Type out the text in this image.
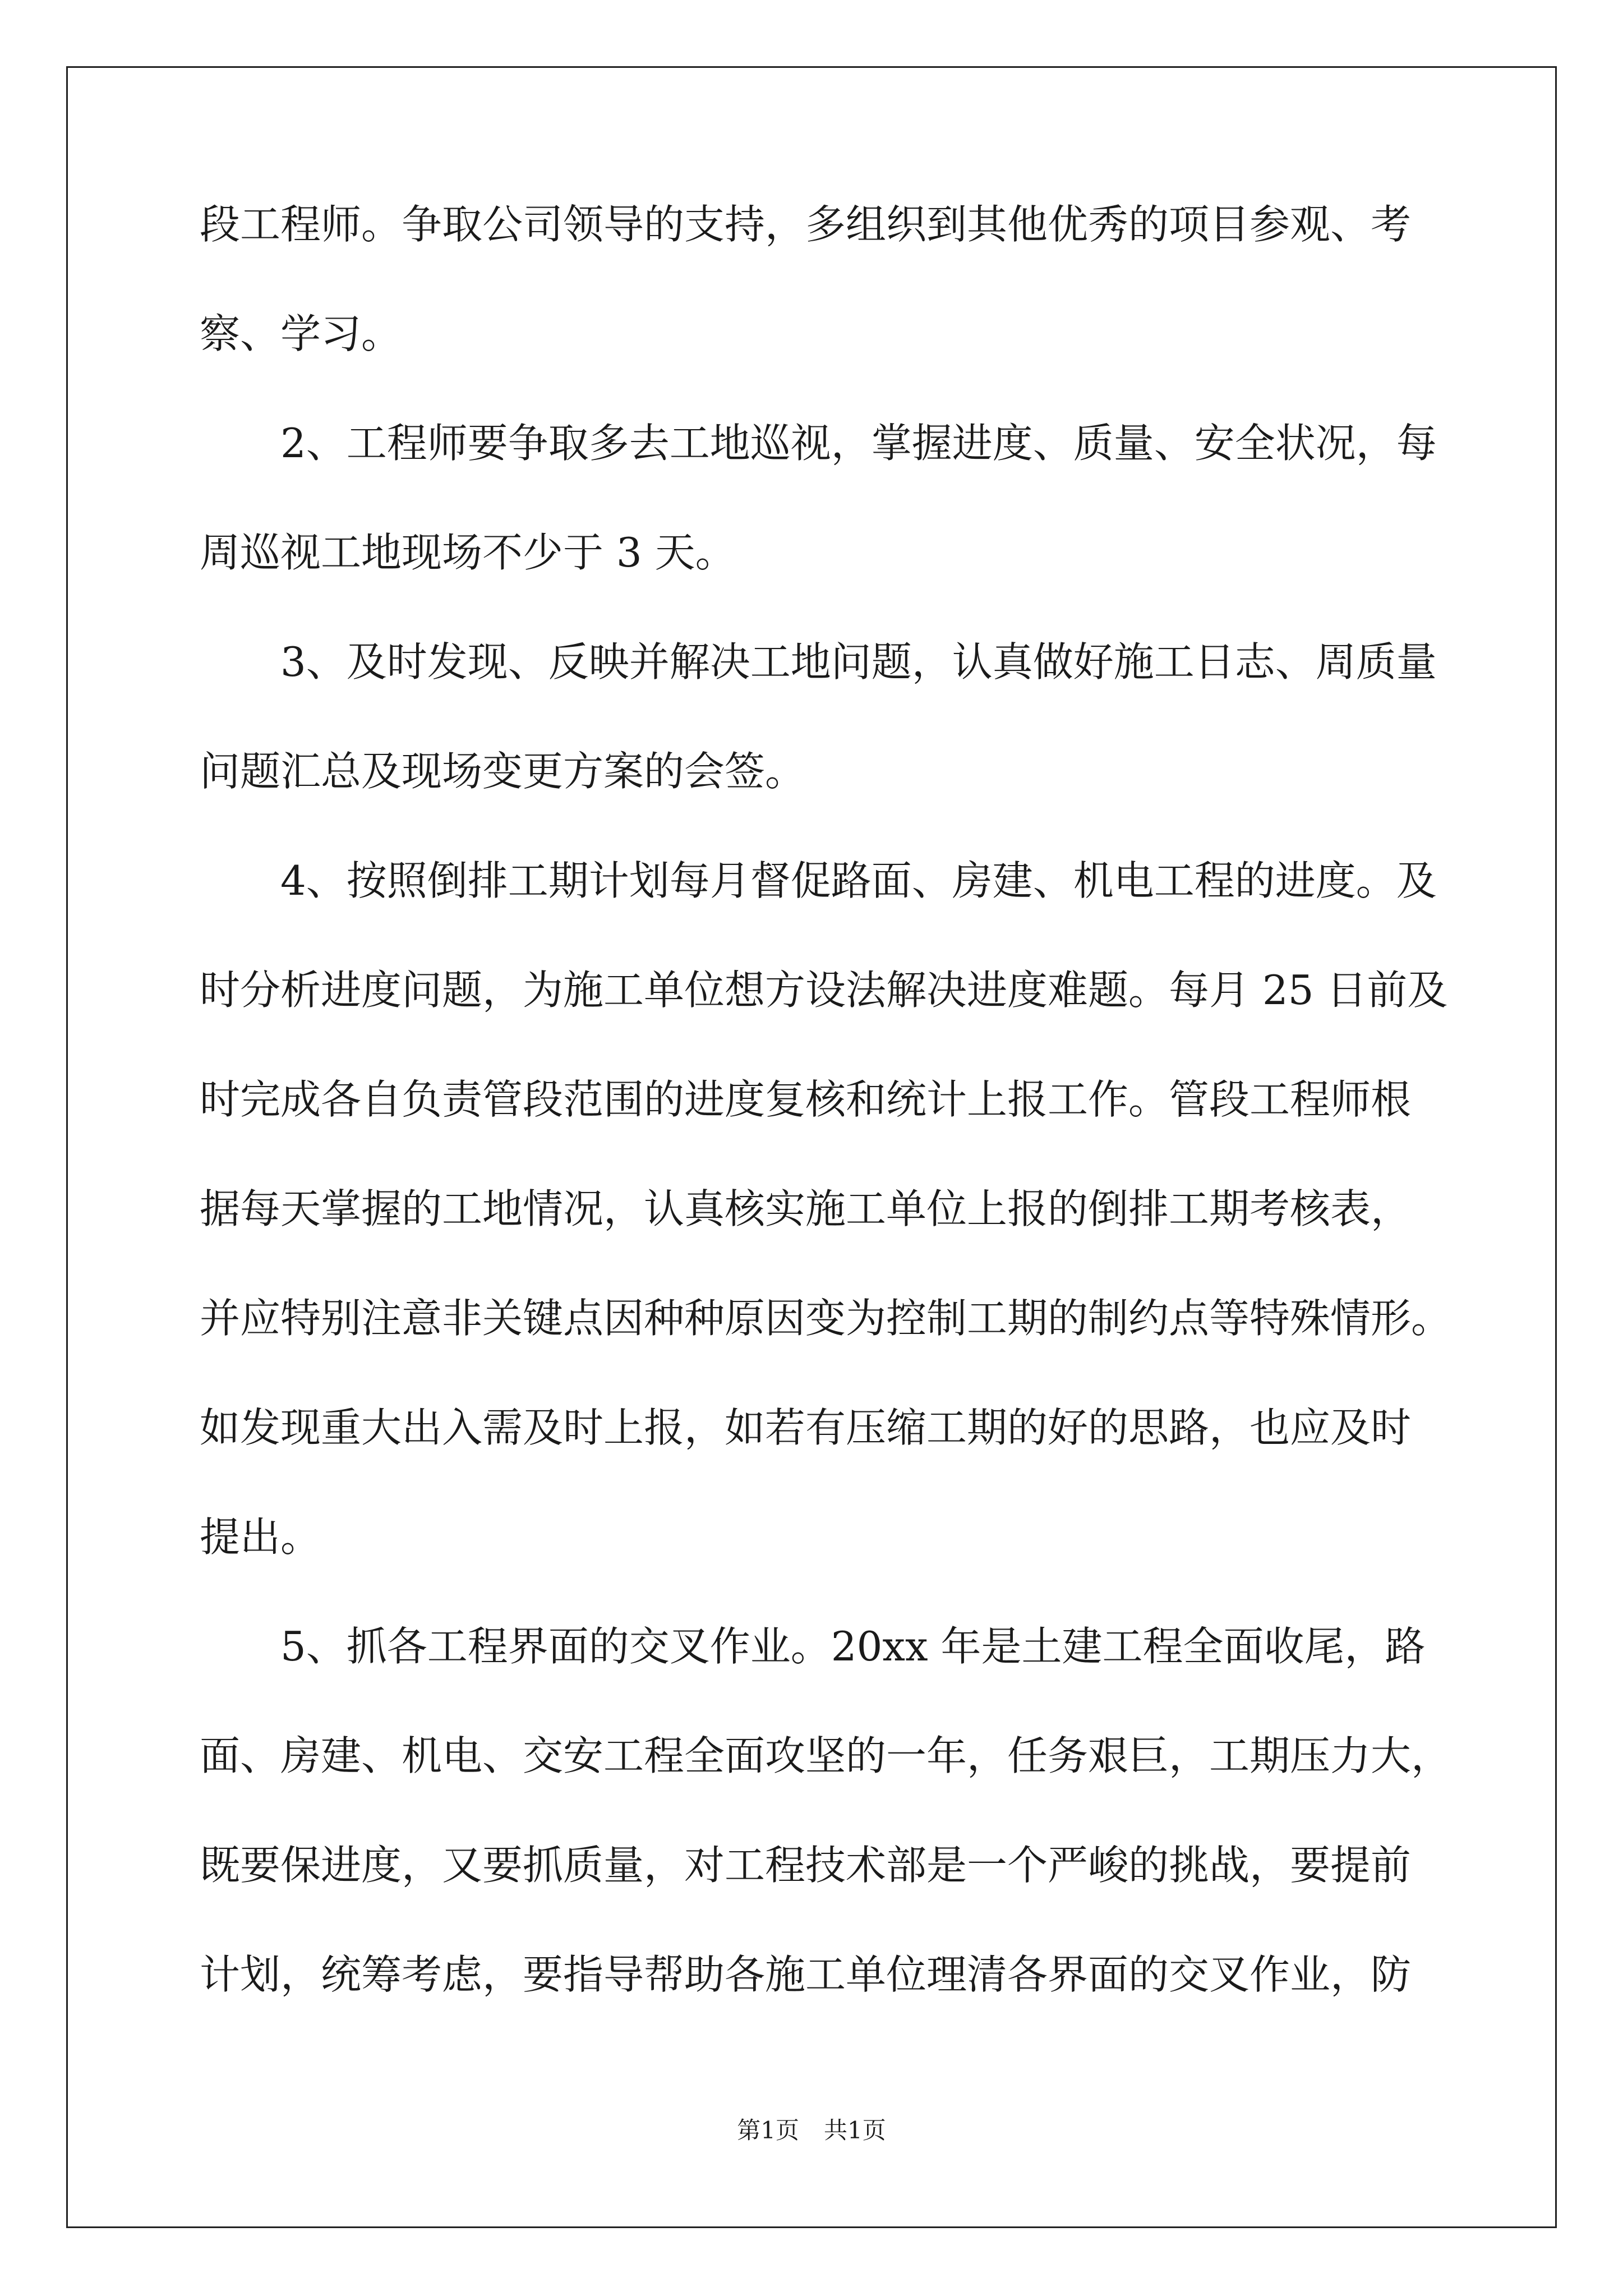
段工程师。争取公司领导的支持，多组织到其他优秀的项目参观、考
察、学习。
2、工程师要争取多去工地巡视，掌握进度、质量、安全状况，每
周巡视工地现场不少于 3 天。
3、及时发现、反映并解决工地问题，认真做好施工日志、周质量
问题汇总及现场变更方案的会签。
4、按照倒排工期计划每月督促路面、房建、机电工程的进度。及
时分析进度问题，为施工单位想方设法解决进度难题。每月 25 日前及
时完成各自负责管段范围的进度复核和统计上报工作。管段工程师根
据每天掌握的工地情况，认真核实施工单位上报的倒排工期考核表，
并应特别注意非关键点因种种原因变为控制工期的制约点等特殊情形。
如发现重大出入需及时上报，如若有压缩工期的好的思路，也应及时
提出。
5、抓各工程界面的交叉作业。20xx 年是土建工程全面收尾，路
面、房建、机电、交安工程全面攻坚的一年，任务艰巨，工期压力大，
既要保进度，又要抓质量，对工程技术部是一个严峻的挑战，要提前
计划，统筹考虑，要指导帮助各施工单位理清各界面的交叉作业，防
第1页 共1页
